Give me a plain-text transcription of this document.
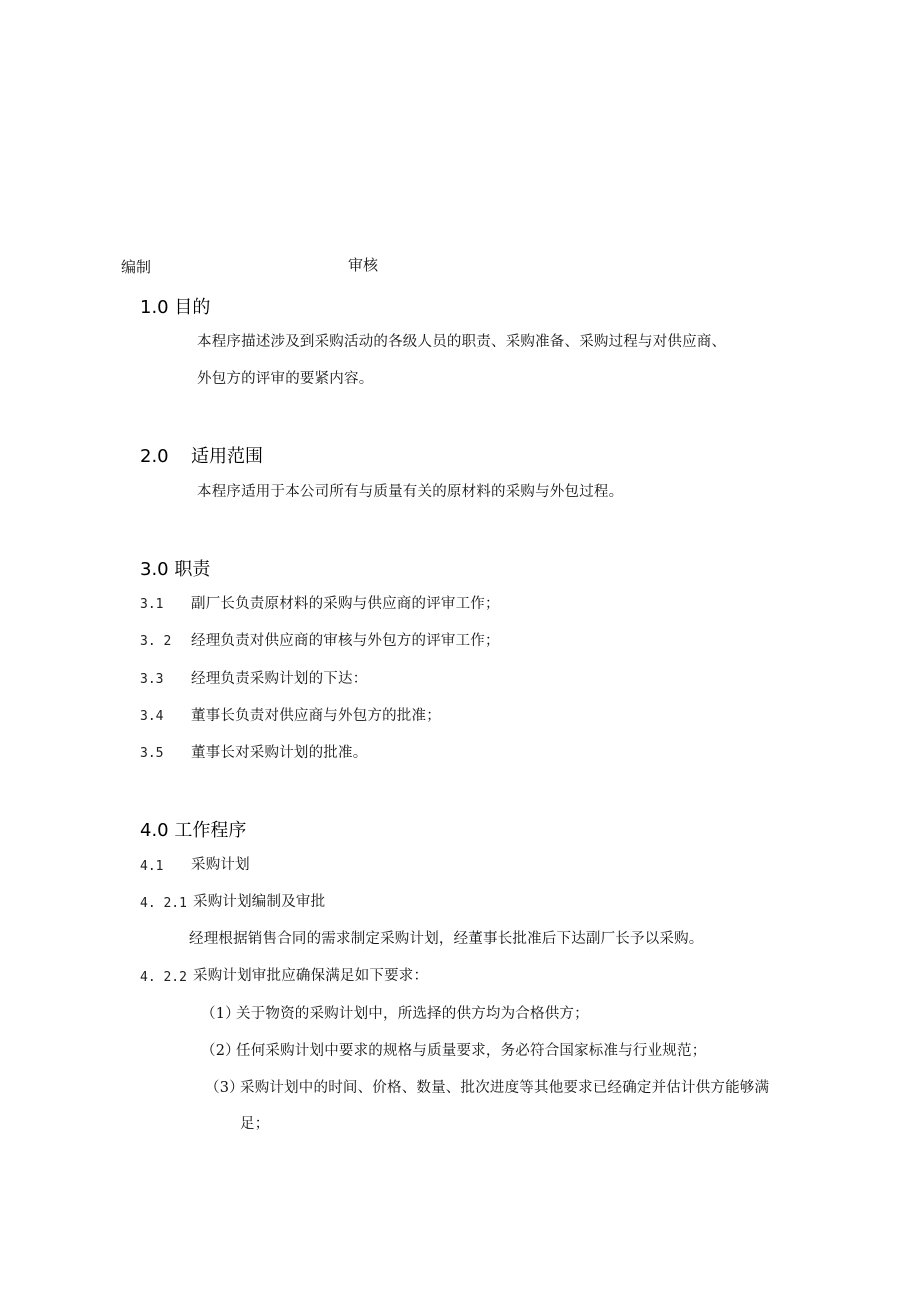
编制	审核
1.0 目的
本程序描述涉及到采购活动的各级人员的职责、采购准备、采购过程与对供应商、
外包方的评审的要紧内容。
2.0 适用范围
本程序适用于本公司所有与质量有关的原材料的采购与外包过程。
3.0 职责
3.1 副厂长负责原材料的采购与供应商的评审工作；
3. 2 经理负责对供应商的审核与外包方的评审工作；
3.3 经理负责采购计划的下达：
3.4 董事长负责对供应商与外包方的批准；
3.5 董事长对采购计划的批准。
4.0 工作程序
4.1 采购计划
4. 2.1 采购计划编制及审批
经理根据销售合同的需求制定采购计划，经董事长批准后下达副厂长予以采购。
4. 2.2 采购计划审批应确保满足如下要求：
（1）
关于物资的采购计划中，所选择的供方均为合格供方；
（2）
任何采购计划中要求的规格与质量要求，务必符合国家标准与行业规范；
（3）
采购计划中的时间、价格、数量、批次进度等其他要求已经确定并估计供方能够满
足；
